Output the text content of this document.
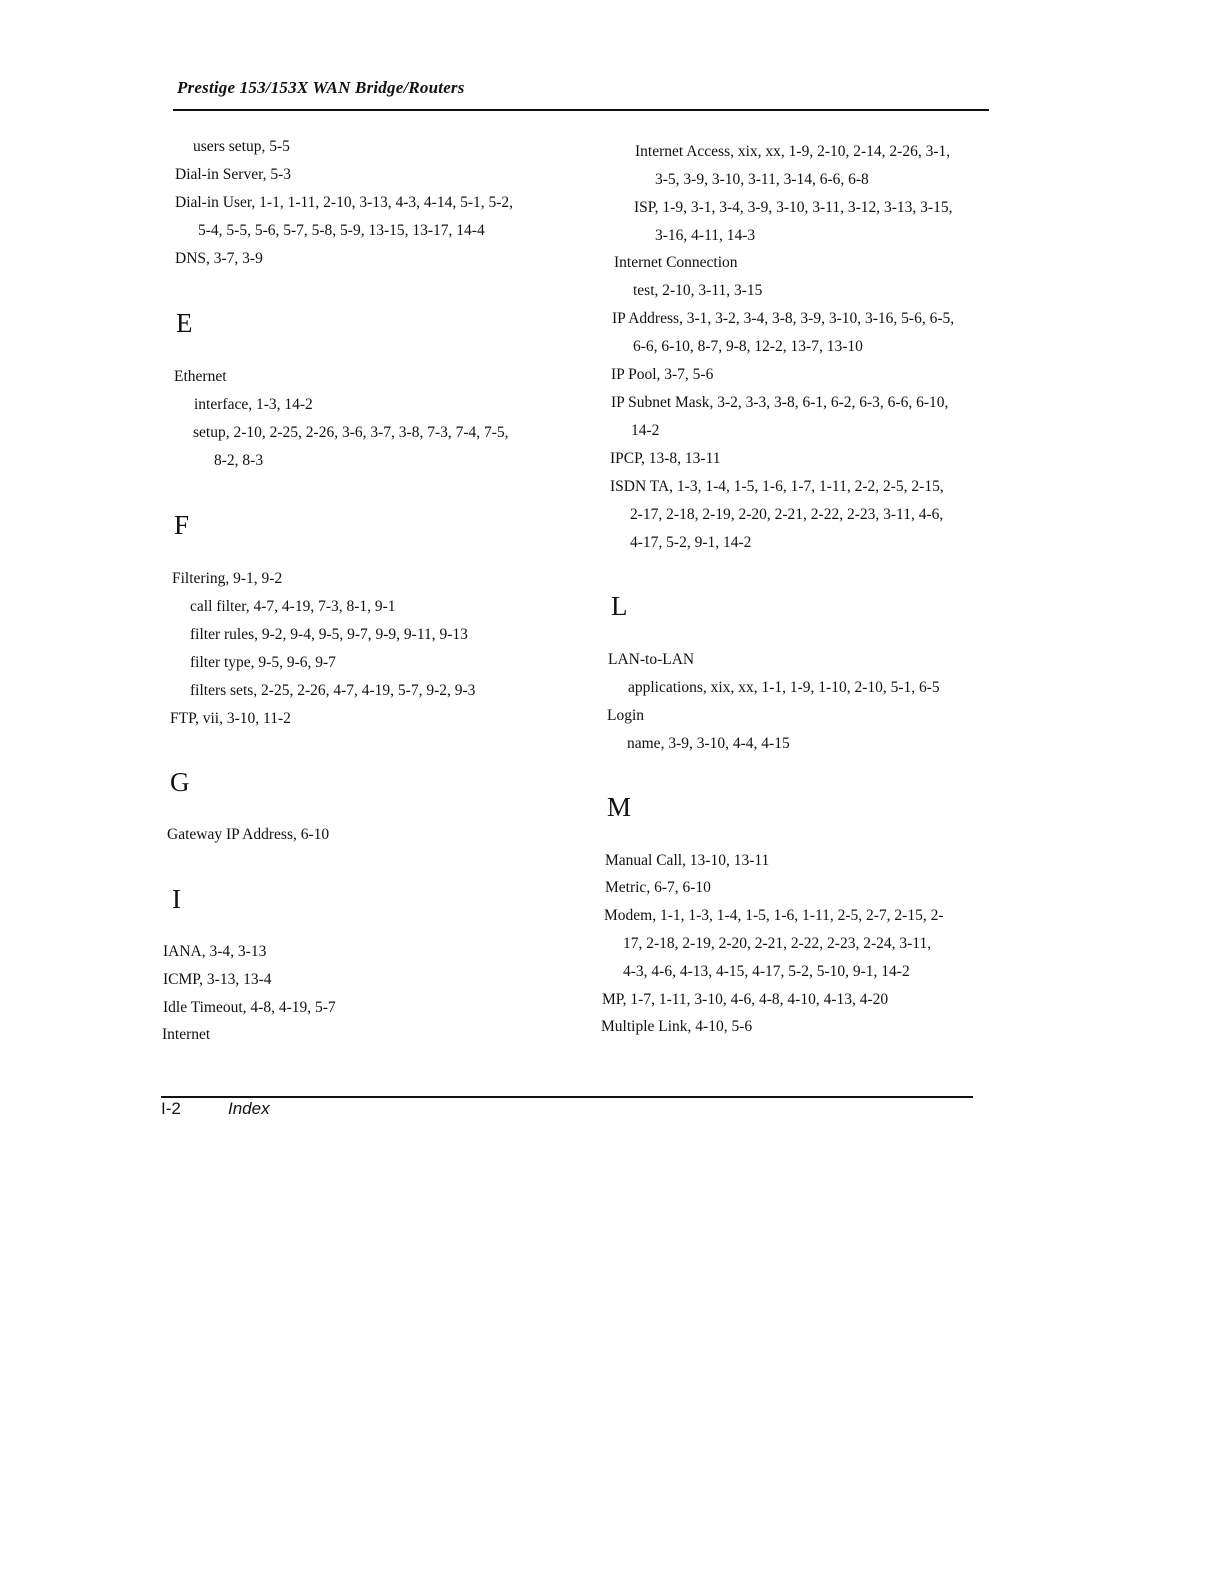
Prestige 153/153X WAN Bridge/Routers
users setup, 5-5
Dial-in Server, 5-3
Dial-in User, 1-1, 1-11, 2-10, 3-13, 4-3, 4-14, 5-1, 5-2,
5-4, 5-5, 5-6, 5-7, 5-8, 5-9, 13-15, 13-17, 14-4
DNS, 3-7, 3-9
E
Ethernet
interface, 1-3, 14-2
setup, 2-10, 2-25, 2-26, 3-6, 3-7, 3-8, 7-3, 7-4, 7-5,
8-2, 8-3
F
Filtering, 9-1, 9-2
call filter, 4-7, 4-19, 7-3, 8-1, 9-1
filter rules, 9-2, 9-4, 9-5, 9-7, 9-9, 9-11, 9-13
filter type, 9-5, 9-6, 9-7
filters sets, 2-25, 2-26, 4-7, 4-19, 5-7, 9-2, 9-3
FTP, vii, 3-10, 11-2
G
Gateway IP Address, 6-10
I
IANA, 3-4, 3-13
ICMP, 3-13, 13-4
Idle Timeout, 4-8, 4-19, 5-7
Internet
Internet Access, xix, xx, 1-9, 2-10, 2-14, 2-26, 3-1,
3-5, 3-9, 3-10, 3-11, 3-14, 6-6, 6-8
ISP, 1-9, 3-1, 3-4, 3-9, 3-10, 3-11, 3-12, 3-13, 3-15,
3-16, 4-11, 14-3
Internet Connection
test, 2-10, 3-11, 3-15
IP Address, 3-1, 3-2, 3-4, 3-8, 3-9, 3-10, 3-16, 5-6, 6-5,
6-6, 6-10, 8-7, 9-8, 12-2, 13-7, 13-10
IP Pool, 3-7, 5-6
IP Subnet Mask, 3-2, 3-3, 3-8, 6-1, 6-2, 6-3, 6-6, 6-10,
14-2
IPCP, 13-8, 13-11
ISDN TA, 1-3, 1-4, 1-5, 1-6, 1-7, 1-11, 2-2, 2-5, 2-15,
2-17, 2-18, 2-19, 2-20, 2-21, 2-22, 2-23, 3-11, 4-6,
4-17, 5-2, 9-1, 14-2
L
LAN-to-LAN
applications, xix, xx, 1-1, 1-9, 1-10, 2-10, 5-1, 6-5
Login
name, 3-9, 3-10, 4-4, 4-15
M
Manual Call, 13-10, 13-11
Metric, 6-7, 6-10
Modem, 1-1, 1-3, 1-4, 1-5, 1-6, 1-11, 2-5, 2-7, 2-15, 2-
17, 2-18, 2-19, 2-20, 2-21, 2-22, 2-23, 2-24, 3-11,
4-3, 4-6, 4-13, 4-15, 4-17, 5-2, 5-10, 9-1, 14-2
MP, 1-7, 1-11, 3-10, 4-6, 4-8, 4-10, 4-13, 4-20
Multiple Link, 4-10, 5-6
I-2	Index
